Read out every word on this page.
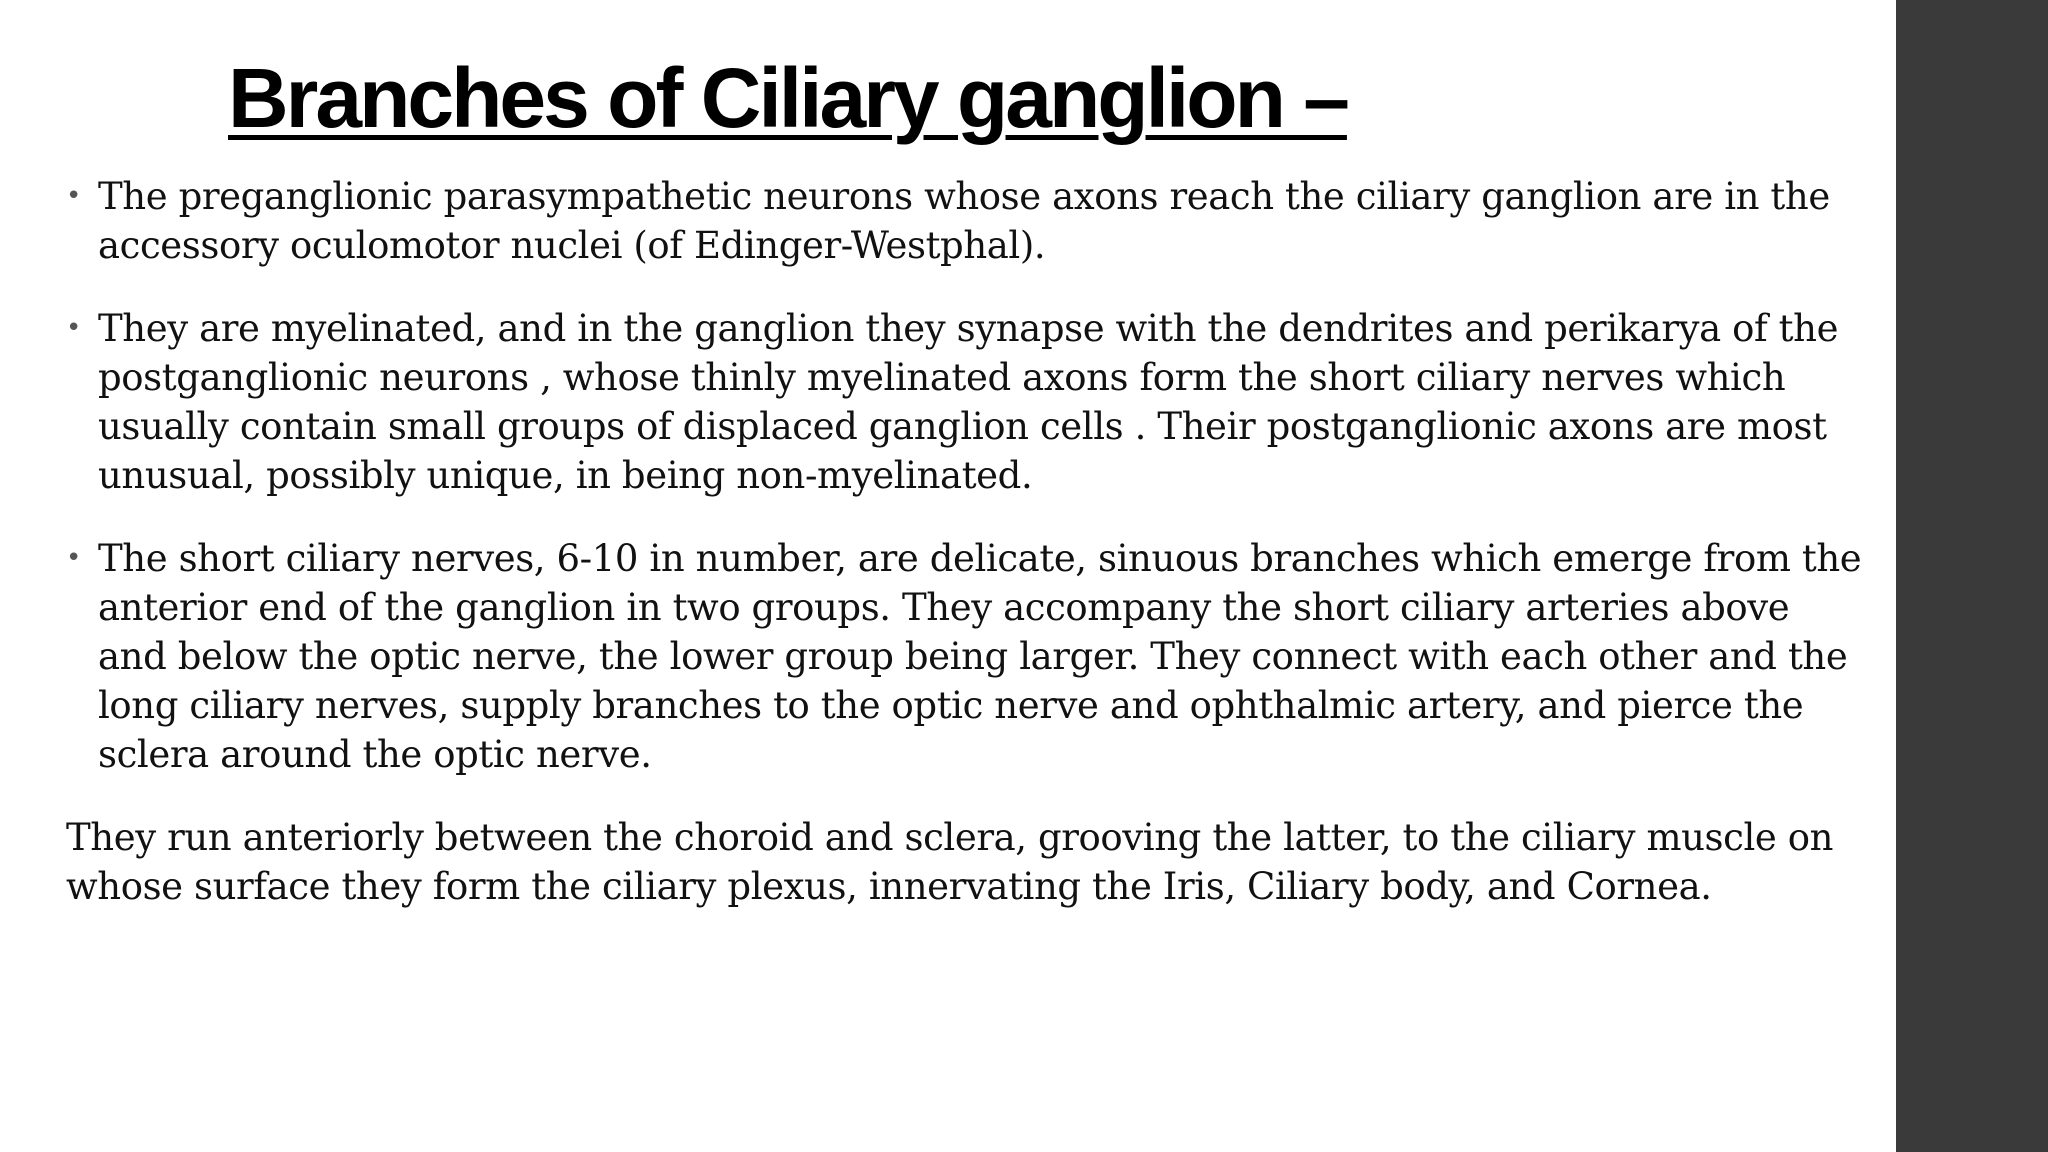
Branches of Ciliary ganglion –
• The preganglionic parasympathetic neurons whose axons reach the ciliary ganglion are in the accessory oculomotor nuclei (of Edinger-Westphal).

• They are myelinated, and in the ganglion they synapse with the dendrites and perikarya of the postganglionic neurons , whose thinly myelinated axons form the short ciliary nerves which usually contain small groups of displaced ganglion cells . Their postganglionic axons are most unusual, possibly unique, in being non-myelinated.

• The short ciliary nerves, 6-10 in number, are delicate, sinuous branches which emerge from the anterior end of the ganglion in two groups. They accompany the short ciliary arteries above and below the optic nerve, the lower group being larger. They connect with each other and the long ciliary nerves, supply branches to the optic nerve and ophthalmic artery, and pierce the sclera around the optic nerve.

They run anteriorly between the choroid and sclera, grooving the latter, to the ciliary muscle on whose surface they form the ciliary plexus, innervating the Iris, Ciliary body, and Cornea.
